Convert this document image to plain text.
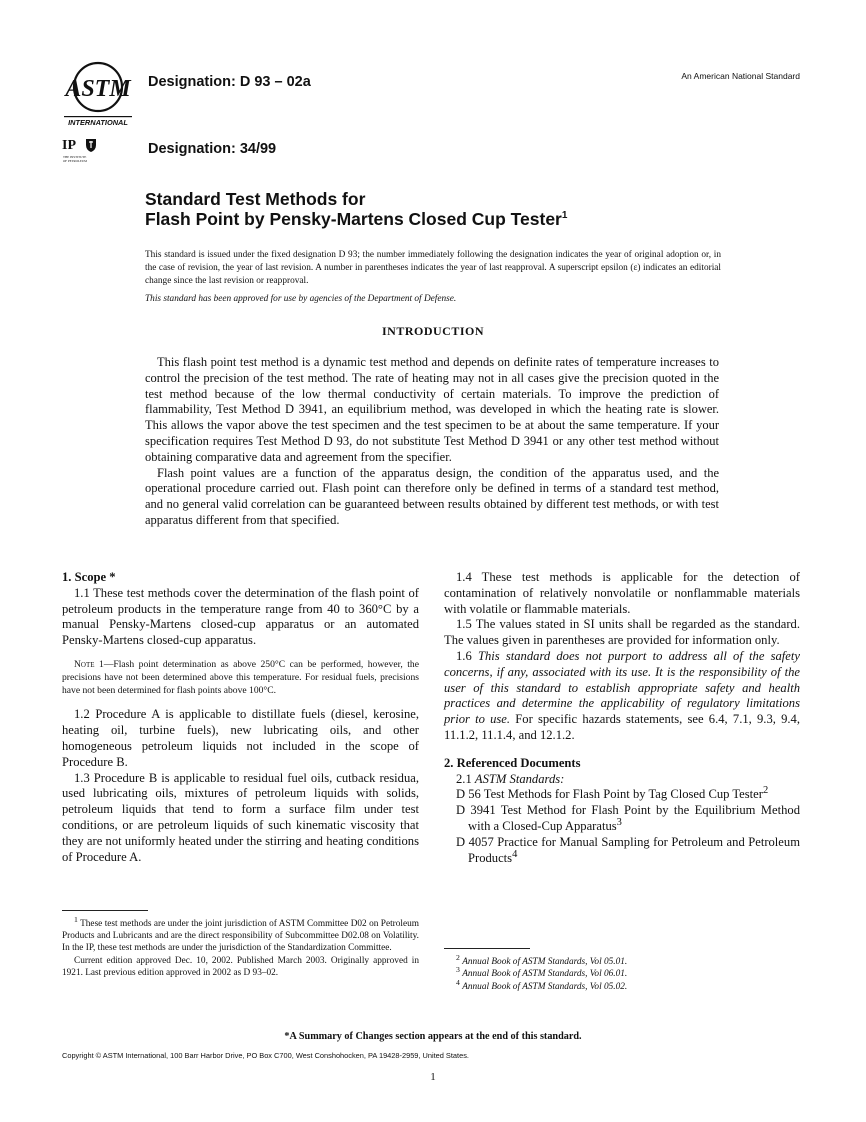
ASTM
INTERNATIONAL
IP
THE INSTITUTE
OF PETROLEUM
Designation: D 93 – 02a
Designation: 34/99
An American National Standard
Standard Test Methods for
Flash Point by Pensky-Martens Closed Cup Tester$^1$
This standard is issued under the fixed designation D 93; the number immediately following the designation indicates the year of original adoption or, in the case of revision, the year of last revision. A number in parentheses indicates the year of last reapproval. A superscript epsilon (ε) indicates an editorial change since the last revision or reapproval.
This standard has been approved for use by agencies of the Department of Defense.
INTRODUCTION

This flash point test method is a dynamic test method and depends on definite rates of temperature increases to control the precision of the test method. The rate of heating may not in all cases give the precision quoted in the test method because of the low thermal conductivity of certain materials. To improve the prediction of flammability, Test Method D 3941, an equilibrium method, was developed in which the heating rate is slower. This allows the vapor above the test specimen and the test specimen to be at about the same temperature. If your specification requires Test Method D 93, do not substitute Test Method D 3941 or any other test method without obtaining comparative data and agreement from the specifier.

Flash point values are a function of the apparatus design, the condition of the apparatus used, and the operational procedure carried out. Flash point can therefore only be defined in terms of a standard test method, and no general valid correlation can be guaranteed between results obtained by different test methods, or with test apparatus different from that specified.

1. Scope *

1.1 These test methods cover the determination of the flash point of petroleum products in the temperature range from 40 to 360°C by a manual Pensky-Martens closed-cup apparatus or an automated Pensky-Martens closed-cup apparatus.

Note 1—Flash point determination as above 250°C can be performed, however, the precisions have not been determined above this temperature. For residual fuels, precisions have not been determined for flash points above 100°C.

1.2 Procedure A is applicable to distillate fuels (diesel, kerosine, heating oil, turbine fuels), new lubricating oils, and other homogeneous petroleum liquids not included in the scope of Procedure B.

1.3 Procedure B is applicable to residual fuel oils, cutback residua, used lubricating oils, mixtures of petroleum liquids with solids, petroleum liquids that tend to form a surface film under test conditions, or are petroleum liquids of such kinematic viscosity that they are not uniformly heated under the stirring and heating conditions of Procedure A.

1.4 These test methods is applicable for the detection of contamination of relatively nonvolatile or nonflammable materials with volatile or flammable materials.

1.5 The values stated in SI units shall be regarded as the standard. The values given in parentheses are provided for information only.

1.6 This standard does not purport to address all of the safety concerns, if any, associated with its use. It is the responsibility of the user of this standard to establish appropriate safety and health practices and determine the applicability of regulatory limitations prior to use. For specific hazards statements, see 6.4, 7.1, 9.3, 9.4, 11.1.2, 11.1.4, and 12.1.2.

2. Referenced Documents

2.1 ASTM Standards:

D 56 Test Methods for Flash Point by Tag Closed Cup Tester$^2$
D 3941 Test Method for Flash Point by the Equilibrium Method with a Closed-Cup Apparatus$^3$
D 4057 Practice for Manual Sampling for Petroleum and Petroleum Products$^4$

$^1$ These test methods are under the joint jurisdiction of ASTM Committee D02 on Petroleum Products and Lubricants and are the direct responsibility of Subcommittee D02.08 on Volatility. In the IP, these test methods are under the jurisdiction of the Standardization Committee.

Current edition approved Dec. 10, 2002. Published March 2003. Originally approved in 1921. Last previous edition approved in 2002 as D 93–02.

$^2$ Annual Book of ASTM Standards, Vol 05.01.

$^3$ Annual Book of ASTM Standards, Vol 06.01.

$^4$ Annual Book of ASTM Standards, Vol 05.02.

*A Summary of Changes section appears at the end of this standard.
Copyright © ASTM International, 100 Barr Harbor Drive, PO Box C700, West Conshohocken, PA 19428-2959, United States.
1
